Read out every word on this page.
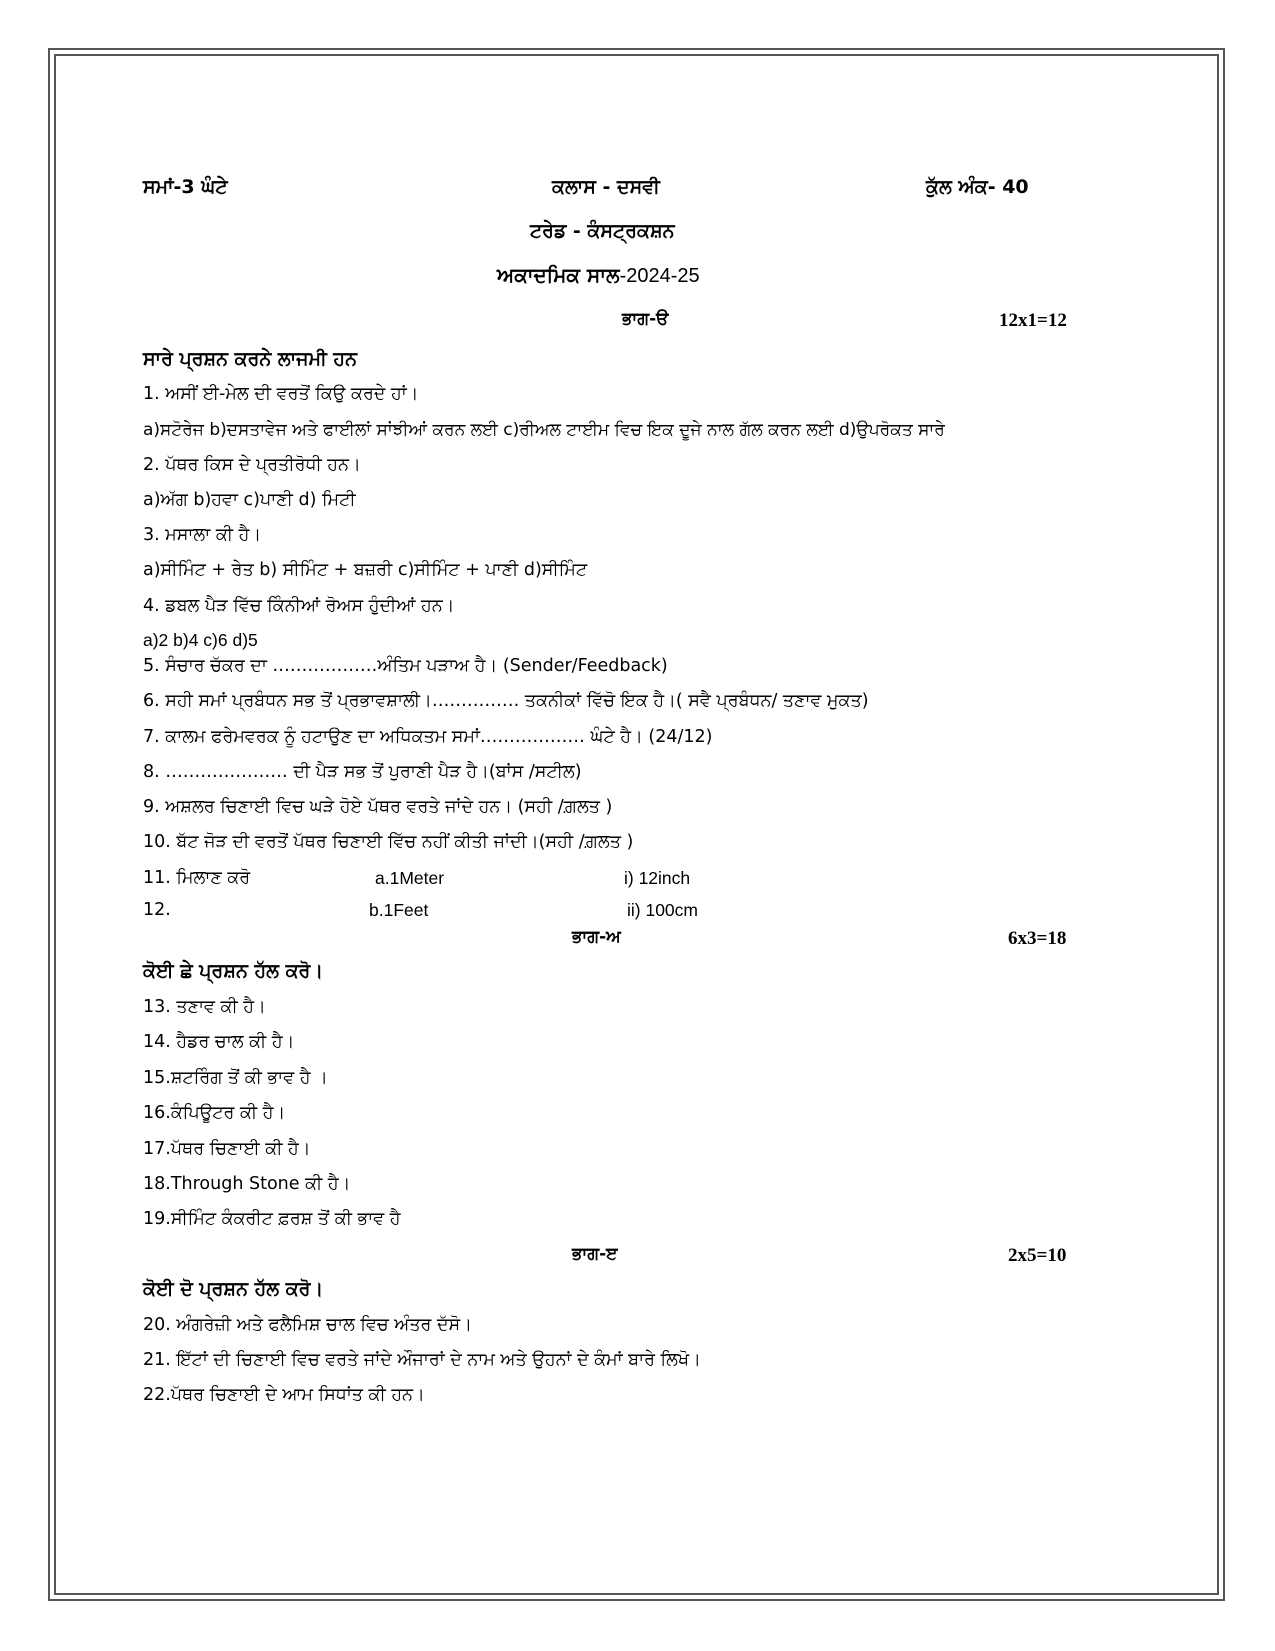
ਸਮਾਂ-3 ਘੰਟੇ	ਕਲਾਸ - ਦਸਵੀ	ਕੁੱਲ ਅੰਕ- 40
ਟਰੇਡ - ਕੰਸਟ੍ਰਕਸ਼ਨ
ਅਕਾਦਮਿਕ ਸਾਲ-2024-25
ਭਾਗ-ੳ	12x1=12
ਸਾਰੇ ਪ੍ਰਸ਼ਨ ਕਰਨੇ ਲਾਜਮੀ ਹਨ
1. ਅਸੀਂ ਈ-ਮੇਲ ਦੀ ਵਰਤੋਂ ਕਿਉ ਕਰਦੇ ਹਾਂ।
a)ਸਟੋਰੇਜ b)ਦਸਤਾਵੇਜ ਅਤੇ ਫਾਈਲਾਂ ਸਾਂਝੀਆਂ ਕਰਨ ਲਈ c)ਰੀਅਲ ਟਾਈਮ ਵਿਚ ਇਕ ਦੂਜੇ ਨਾਲ ਗੱਲ ਕਰਨ ਲਈ d)ਉਪਰੋਕਤ ਸਾਰੇ
2. ਪੱਥਰ ਕਿਸ ਦੇ ਪ੍ਰਤੀਰੋਧੀ ਹਨ।
a)ਅੱਗ b)ਹਵਾ c)ਪਾਣੀ d) ਮਿਟੀ
3. ਮਸਾਲਾ ਕੀ ਹੈ।
a)ਸੀਮਿੰਟ + ਰੇਤ b) ਸੀਮਿੰਟ + ਬਜ਼ਰੀ c)ਸੀਮਿੰਟ + ਪਾਣੀ d)ਸੀਮਿੰਟ
4. ਡਬਲ ਪੈੜ ਵਿੱਚ ਕਿੰਨੀਆਂ ਰੋਅਸ ਹੁੰਦੀਆਂ ਹਨ।
a)2 b)4 c)6 d)5
5. ਸੰਚਾਰ ਚੱਕਰ ਦਾ ………………ਅੰਤਿਮ ਪੜਾਅ ਹੈ। (Sender/Feedback)
6. ਸਹੀ ਸਮਾਂ ਪ੍ਰਬੰਧਨ ਸਭ ਤੋਂ ਪ੍ਰਭਾਵਸ਼ਾਲੀ।…………… ਤਕਨੀਕਾਂ ਵਿੱਚੋ ਇਕ ਹੈ।( ਸਵੈ ਪ੍ਰਬੰਧਨ/ ਤਣਾਵ ਮੁਕਤ)
7. ਕਾਲਮ ਫਰੇਮਵਰਕ ਨੂੰ ਹਟਾਉਣ ਦਾ ਅਧਿਕਤਮ ਸਮਾਂ……………… ਘੰਟੇ ਹੈ। (24/12)
8. ………………… ਦੀ ਪੈੜ ਸਭ ਤੋਂ ਪੁਰਾਣੀ ਪੈੜ ਹੈ।(ਬਾਂਸ /ਸਟੀਲ)
9. ਅਸ਼ਲਰ ਚਿਣਾਈ ਵਿਚ ਘੜੇ ਹੋਏ ਪੱਥਰ ਵਰਤੇ ਜਾਂਦੇ ਹਨ। (ਸਹੀ /ਗ਼ਲਤ )
10. ਬੱਟ ਜੋੜ ਦੀ ਵਰਤੋਂ ਪੱਥਰ ਚਿਣਾਈ ਵਿੱਚ ਨਹੀਂ ਕੀਤੀ ਜਾਂਦੀ।(ਸਹੀ /ਗ਼ਲਤ )
11. ਮਿਲਾਣ ਕਰੋ	a.1Meter	i) 12inch
12.	b.1Feet	ii) 100cm
ਭਾਗ-ਅ	6x3=18
ਕੋਈ ਛੇ ਪ੍ਰਸ਼ਨ ਹੱਲ ਕਰੋ।
13. ਤਣਾਵ ਕੀ ਹੈ।
14. ਹੈਡਰ ਚਾਲ ਕੀ ਹੈ।
15.ਸ਼ਟਰਿੰਗ ਤੋਂ ਕੀ ਭਾਵ ਹੈ ।
16.ਕੰਪਿਊਟਰ ਕੀ ਹੈ।
17.ਪੱਥਰ ਚਿਣਾਈ ਕੀ ਹੈ।
18.Through Stone ਕੀ ਹੈ।
19.ਸੀਮਿੰਟ ਕੰਕਰੀਟ ਫ਼ਰਸ਼ ਤੋਂ ਕੀ ਭਾਵ ਹੈ
ਭਾਗ-ੲ	2x5=10
ਕੋਈ ਦੋ ਪ੍ਰਸ਼ਨ ਹੱਲ ਕਰੋ।
20. ਅੰਗਰੇਜ਼ੀ ਅਤੇ ਫਲੈਮਿਸ਼ ਚਾਲ ਵਿਚ ਅੰਤਰ ਦੱਸੋ।
21. ਇੱਟਾਂ ਦੀ ਚਿਣਾਈ ਵਿਚ ਵਰਤੇ ਜਾਂਦੇ ਔਜਾਰਾਂ ਦੇ ਨਾਮ ਅਤੇ ਉਹਨਾਂ ਦੇ ਕੰਮਾਂ ਬਾਰੇ ਲਿਖੋ।
22.ਪੱਥਰ ਚਿਣਾਈ ਦੇ ਆਮ ਸਿਧਾਂਤ ਕੀ ਹਨ।
